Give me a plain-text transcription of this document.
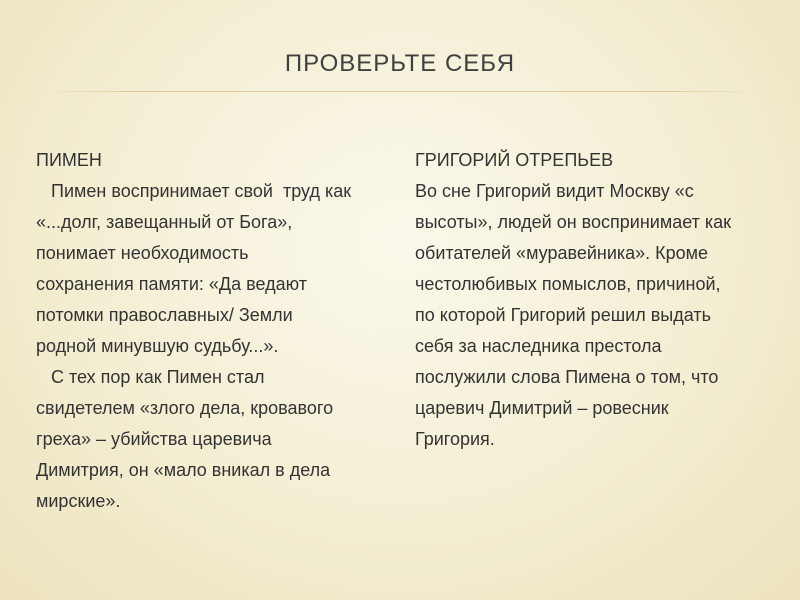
ПРОВЕРЬТЕ СЕБЯ
ПИМЕН
Пимен воспринимает свой  труд как
«...долг, завещанный от Бога»,
понимает необходимость
сохранения памяти: «Да ведают
потомки православных/ Земли
родной минувшую судьбу...».
С тех пор как Пимен стал
свидетелем «злого дела, кровавого
греха» – убийства царевича
Димитрия, он «мало вникал в дела
мирские».
ГРИГОРИЙ ОТРЕПЬЕВ
Во сне Григорий видит Москву «с
высоты», людей он воспринимает как
обитателей «муравейника». Кроме
честолюбивых помыслов, причиной,
по которой Григорий решил выдать
себя за наследника престола
послужили слова Пимена о том, что
царевич Димитрий – ровесник
Григория.
